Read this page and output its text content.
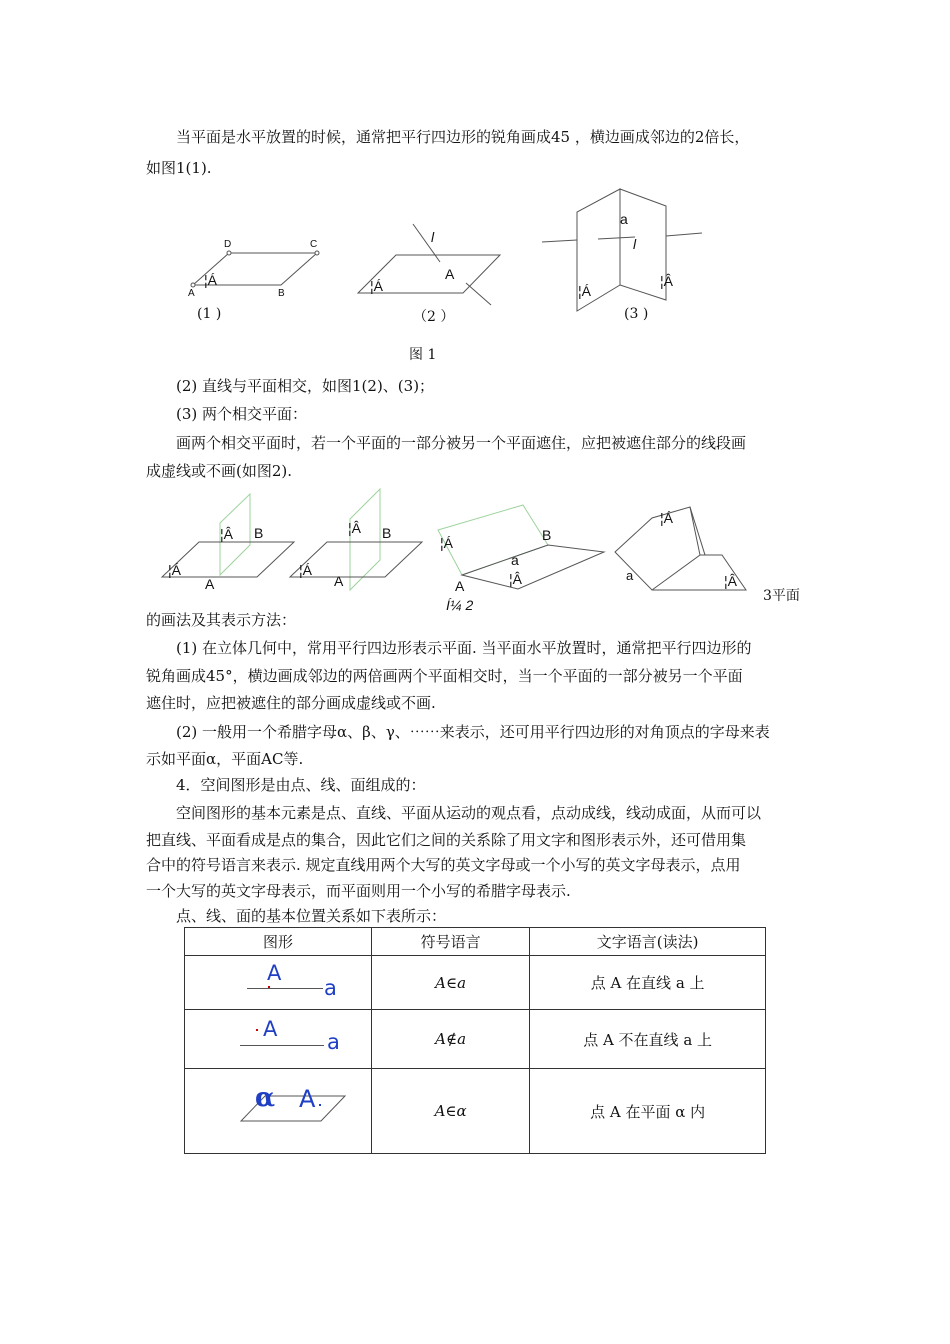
当平面是水平放置的时候，通常把平行四边形的锐角画成45 ，横边画成邻边的2倍长，
如图1(1).
D	C
A	B
¦Á
(1 )
l
A
¦Á
（2 ）
a
l
¦Á
¦Â
(3 )
图 1
(2) 直线与平面相交，如图1(2)、(3)；
(3) 两个相交平面：
画两个相交平面时，若一个平面的一部分被另一个平面遮住，应把被遮住部分的线段画
成虚线或不画(如图2).
¦Â B
¦Á
A
¦Â B
¦Á
A
¦Á	B
a
A	¦Â
¦Á
a	¦Â
Í¼ 2
3平面
的画法及其表示方法：
(1) 在立体几何中，常用平行四边形表示平面. 当平面水平放置时，通常把平行四边形的
锐角画成45°，横边画成邻边的两倍画两个平面相交时，当一个平面的一部分被另一个平面
遮住时，应把被遮住的部分画成虚线或不画.
(2) 一般用一个希腊字母α、β、γ、⋯⋯来表示，还可用平行四边形的对角顶点的字母来表
示如平面α，平面AC等.
4．空间图形是由点、线、面组成的：
空间图形的基本元素是点、直线、平面从运动的观点看，点动成线，线动成面，从而可以
把直线、平面看成是点的集合，因此它们之间的关系除了用文字和图形表示外，还可借用集
合中的符号语言来表示. 规定直线用两个大写的英文字母或一个小写的英文字母表示，点用
一个大写的英文字母表示，而平面则用一个小写的希腊字母表示.
点、线、面的基本位置关系如下表所示：
图形	符号语言	文字语言(读法)

A
a	A∈a	点 A 在直线 a 上

A
a	A∉a	点 A 不在直线 a 上

α A	A∈α	点 A 在平面 α 内
